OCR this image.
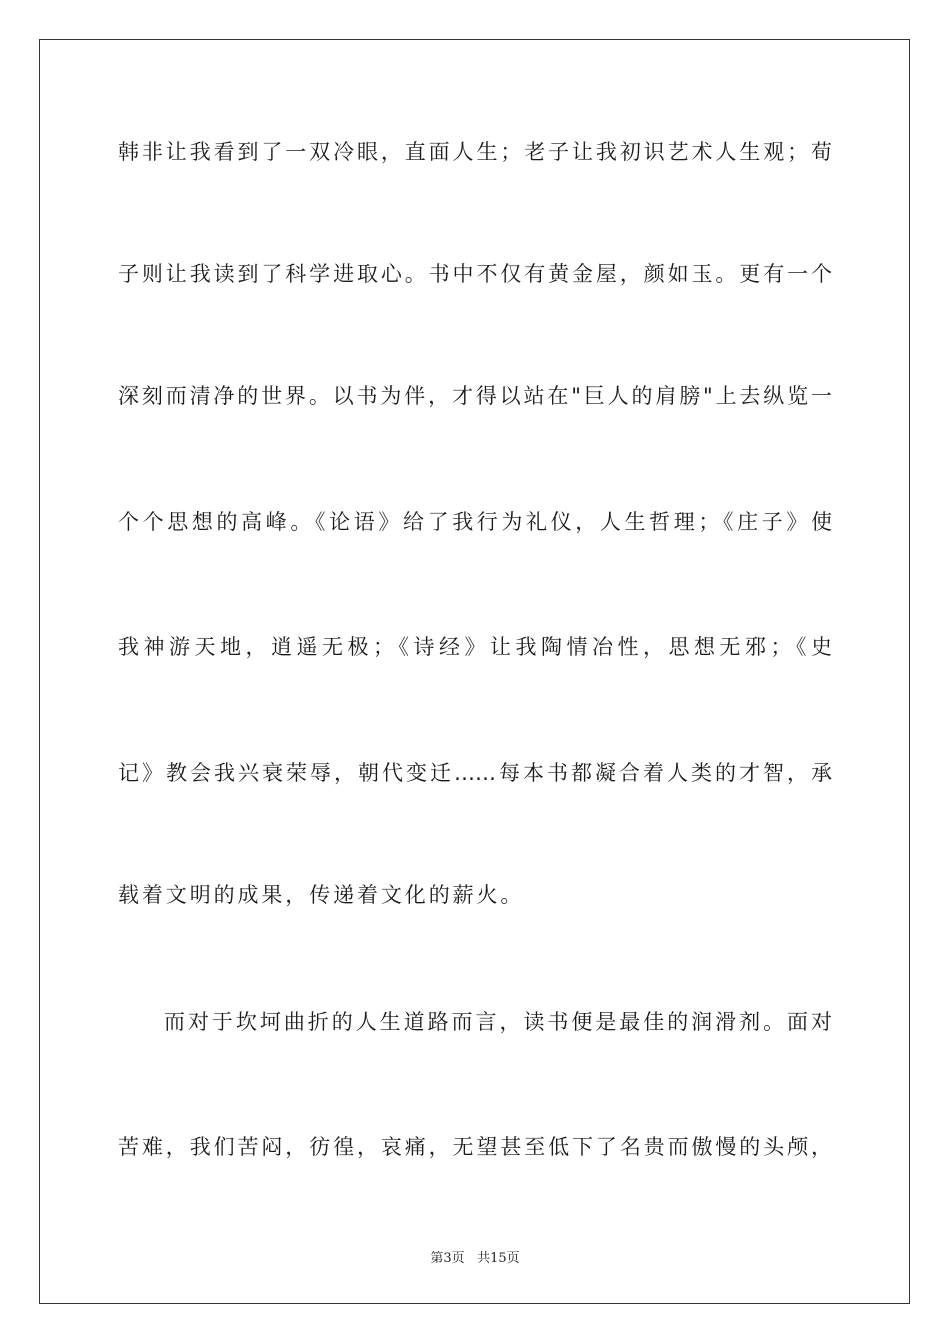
韩非让我看到了一双冷眼，直面人生；老子让我初识艺术人生观；荀
子则让我读到了科学进取心。书中不仅有黄金屋，颜如玉。更有一个
深刻而清净的世界。以书为伴，才得以站在"巨人的肩膀"上去纵览一
个个思想的高峰。《论语》给了我行为礼仪，人生哲理；《庄子》使
我神游天地，逍遥无极；《诗经》让我陶情冶性，思想无邪；《史
记》教会我兴衰荣辱，朝代变迁……每本书都凝合着人类的才智，承
载着文明的成果，传递着文化的薪火。
而对于坎坷曲折的人生道路而言，读书便是最佳的润滑剂。面对
苦难，我们苦闷，彷徨，哀痛，无望甚至低下了名贵而傲慢的头颅，
第3页 共15页
